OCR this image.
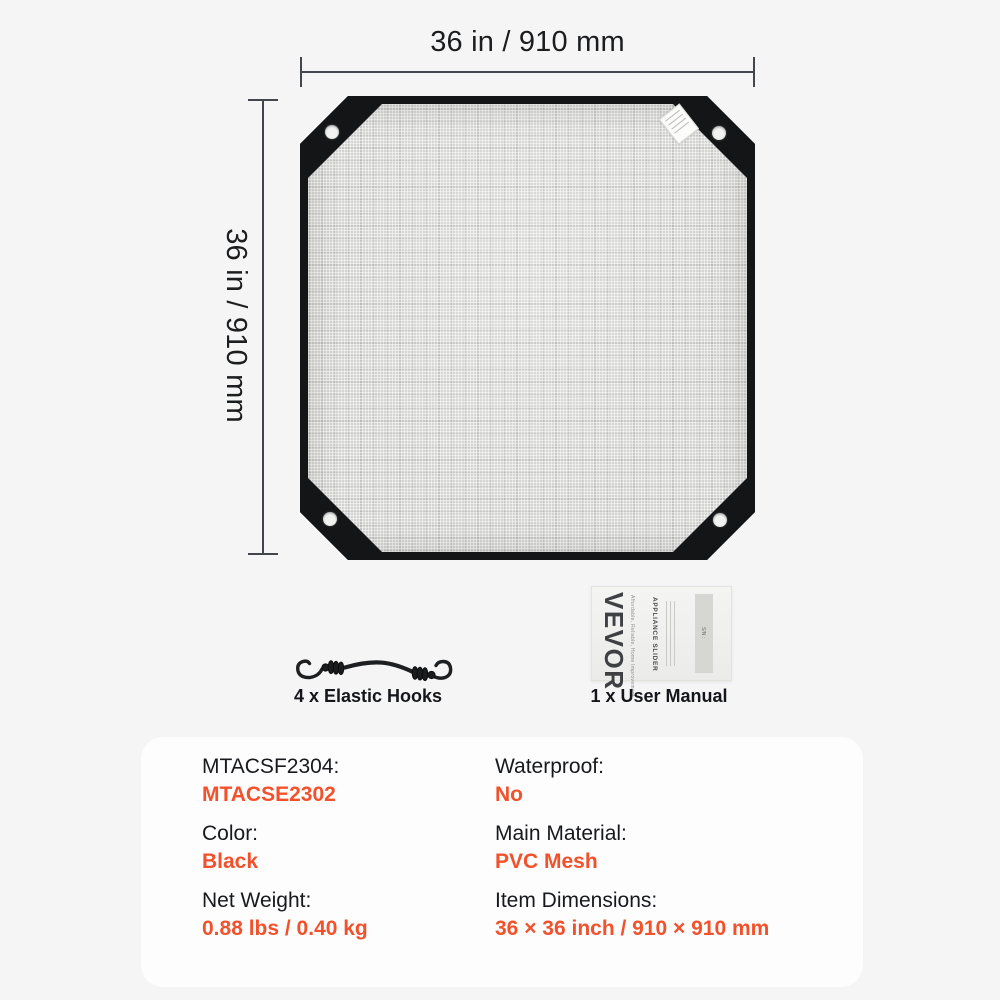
36 in / 910 mm
36 in / 910 mm
4 x Elastic Hooks
VEVOR Affordable, Reliable, Home Improvement APPLIANCE SLIDER	S/N :
1 x User Manual
MTACSF2304:
MTACSE2302
Waterproof:
No
Color:
Black
Main Material:
PVC Mesh
Net Weight:
0.88 lbs / 0.40 kg
Item Dimensions:
36 × 36 inch / 910 × 910 mm
